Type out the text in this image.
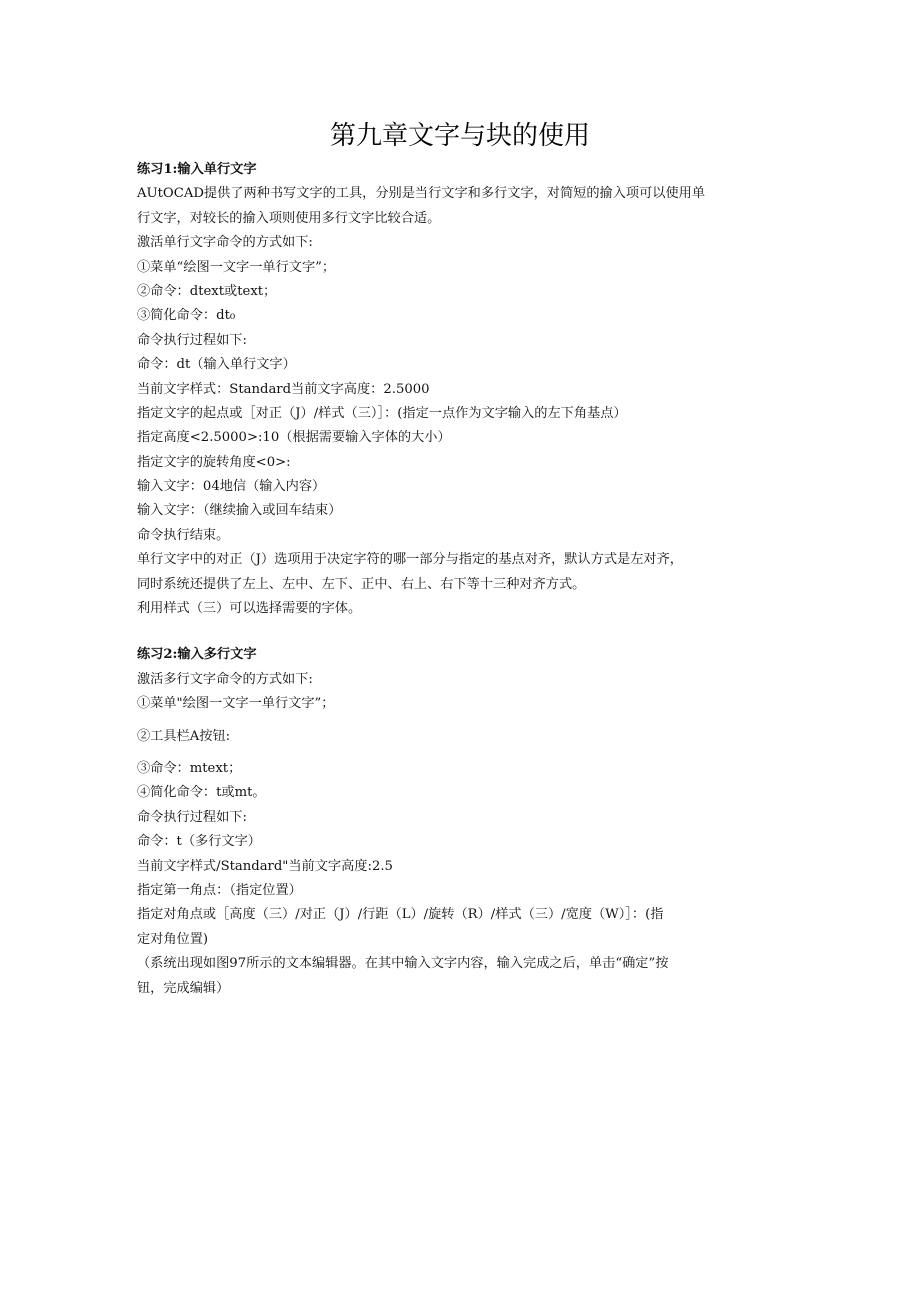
第九章文字与块的使用
练习1:输入单行文字
AUtOCAD提供了两种书写文字的工具，分别是当行文字和多行文字，对简短的揄入项可以使用单
行文字，对较长的揄入项则使用多行文字比较合适。
激活单行文字命令的方式如下:
①菜单“绘图一文字一单行文字”；
②命令：dtext或text；
③简化命令：dt₀
命令执行过程如下:
命令：dt（输入单行文字）
当前文字样式：Standard当前文字高度：2.5000
指定文字的起点或［对正（J）/样式（三）］：(指定一点作为文字输入的左下角基点）
指定高度<2.5000>:10（根据需要输入字体的大小）
指定文字的旋转角度<0>:
输入文字：04地信（输入内容）
输入文字：（继续揄入或回车结束）
命令执行结束。
单行文字中的对正（J）选项用于决定字符的哪一部分与指定的基点对齐，默认方式是左对齐，
同时系统还提供了左上、左中、左下、正中、右上、右下等十三种对齐方式。
利用样式（三）可以选择需要的字体。
练习2:输入多行文字
激活多行文字命令的方式如下:
①菜单"绘图一文字一单行文字”；
②工具栏A按钮:
③命令：mtext；
④简化命令：t或mt。
命令执行过程如下:
命令：t（多行文字）
当前文字样式/Standard"当前文字高度:2.5
指定第一角点：（指定位置）
指定对角点或［高度（三）/对正（J）/行距（L）/旋转（R）/样式（三）/宽度（W）］：(指
定对角位置)
（系统出现如图97所示的文本编辑器。在其中输入文字内容，输入完成之后，单击“确定”按
钮，完成编辑）
